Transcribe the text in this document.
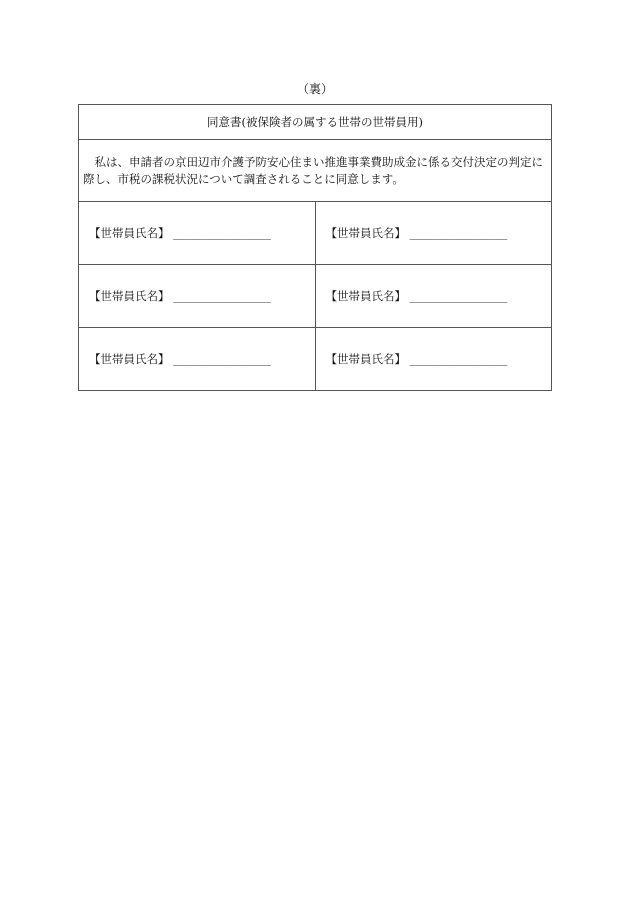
（裏）
同意書(被保険者の属する世帯の世帯員用)	
　私は、申請者の京田辺市介護予防安心住まい推進事業費助成金に係る交付決定の判定に際し、市税の課税状況について調査されることに同意します。	
【世帯員氏名】 _________________	【世帯員氏名】 _________________
【世帯員氏名】 _________________	【世帯員氏名】 _________________
【世帯員氏名】 _________________	【世帯員氏名】 _________________
